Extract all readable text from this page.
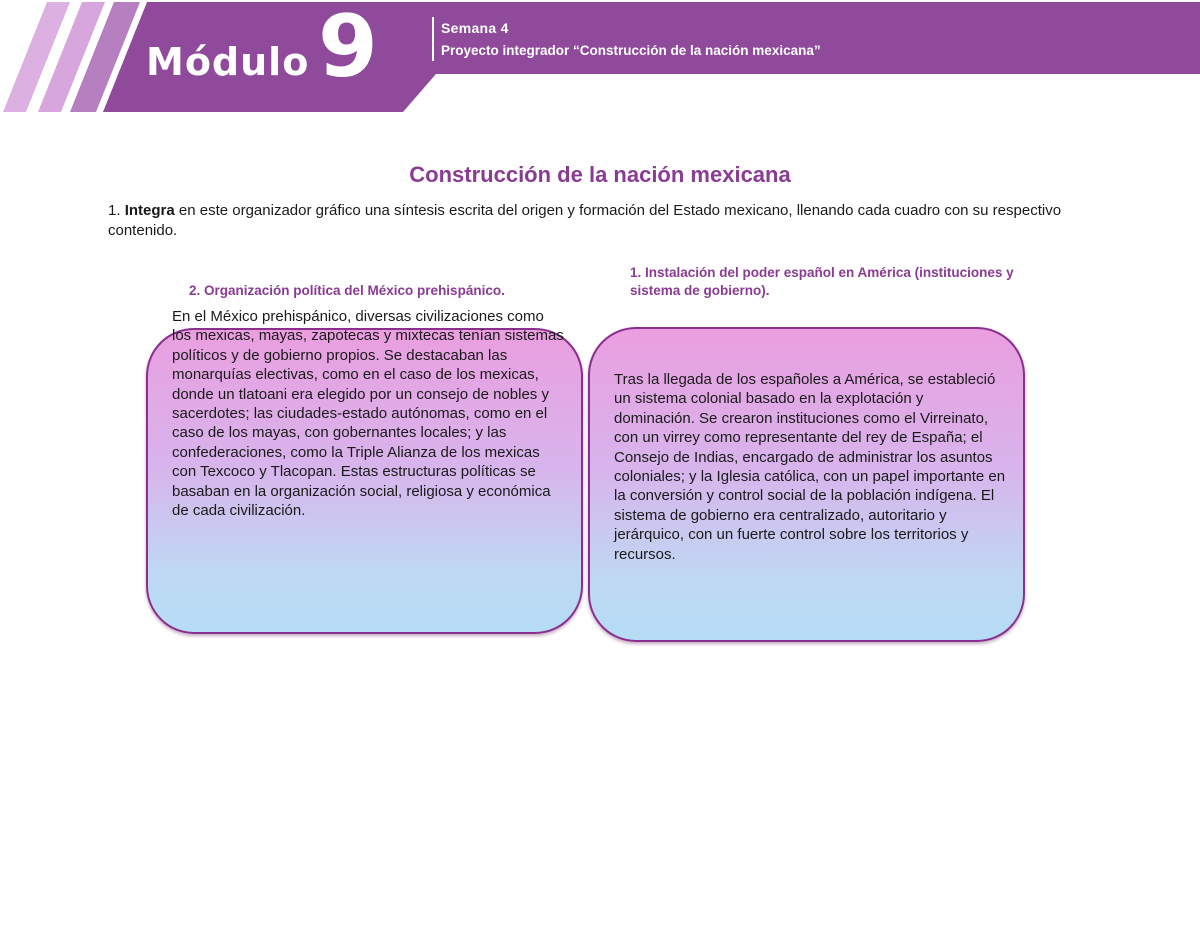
Módulo 9	Semana 4
Proyecto integrador “Construcción de la nación mexicana”
Construcción de la nación mexicana
1. Integra en este organizador gráfico una síntesis escrita del origen y formación del Estado mexicano, llenando cada cuadro con su respectivo contenido.
2. Organización política del México prehispánico.
1. Instalación del poder español en América (instituciones y sistema de gobierno).
En el México prehispánico, diversas civilizaciones como los mexicas, mayas, zapotecas y mixtecas tenían sistemas políticos y de gobierno propios. Se destacaban las monarquías electivas, como en el caso de los mexicas, donde un tlatoani era elegido por un consejo de nobles y sacerdotes; las ciudades-estado autónomas, como en el caso de los mayas, con gobernantes locales; y las confederaciones, como la Triple Alianza de los mexicas con Texcoco y Tlacopan. Estas estructuras políticas se basaban en la organización social, religiosa y económica de cada civilización.
Tras la llegada de los españoles a América, se estableció un sistema colonial basado en la explotación y dominación. Se crearon instituciones como el Virreinato, con un virrey como representante del rey de España; el Consejo de Indias, encargado de administrar los asuntos coloniales; y la Iglesia católica, con un papel importante en la conversión y control social de la población indígena. El sistema de gobierno era centralizado, autoritario y jerárquico, con un fuerte control sobre los territorios y recursos.
